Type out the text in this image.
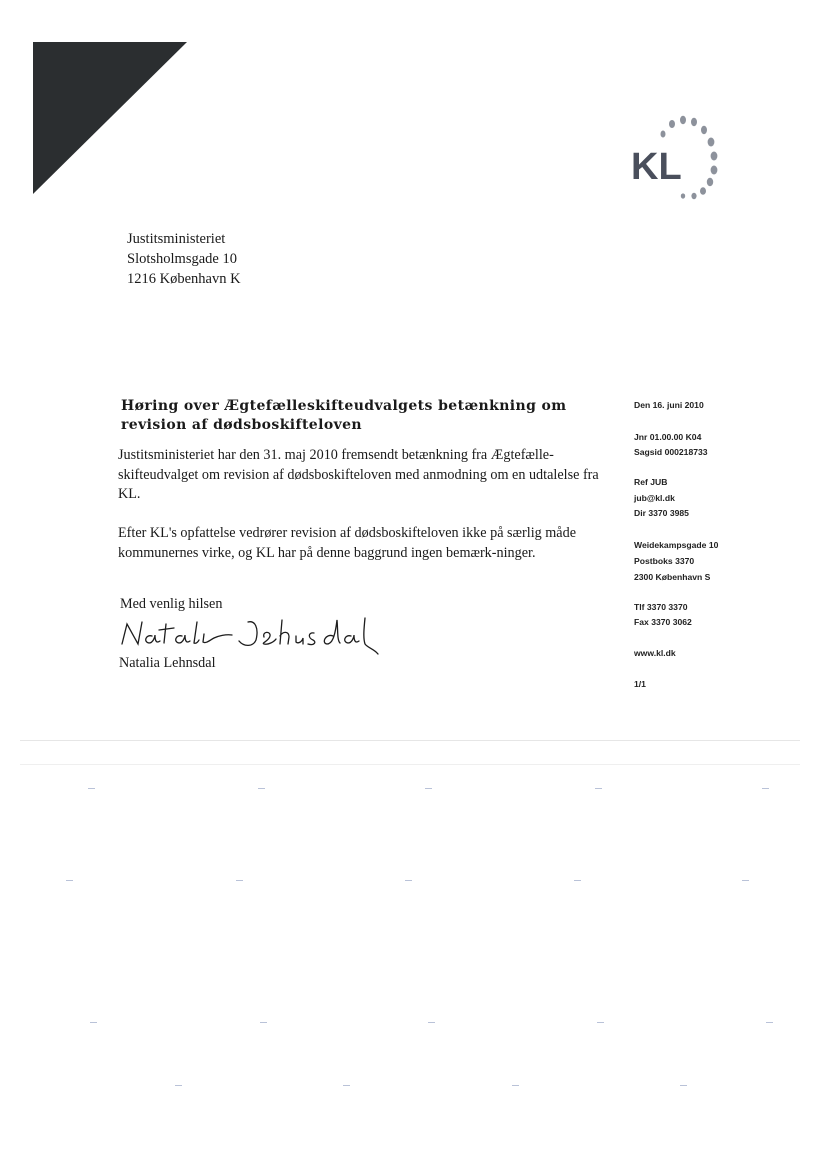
KL
Justitsministeriet
Slotsholmsgade 10
1216 København K
Høring over Ægtefælleskifteudvalgets betænkning om revision af dødsboskifteloven
Justitsministeriet har den 31. maj 2010 fremsendt betænkning fra Ægtefælle-skifteudvalget om revision af dødsboskifteloven med anmodning om en udtalelse fra KL.
Efter KL's opfattelse vedrører revision af dødsboskifteloven ikke på særlig måde kommunernes virke, og KL har på denne baggrund ingen bemærk-ninger.
Med venlig hilsen
Natalia Lehnsdal
Den 16. juni 2010
Jnr 01.00.00 K04
Sagsid 000218733
Ref JUB
jub@kl.dk
Dir 3370 3985
Weidekampsgade 10
Postboks 3370
2300 København S
Tlf 3370 3370
Fax 3370 3062
www.kl.dk
1/1
